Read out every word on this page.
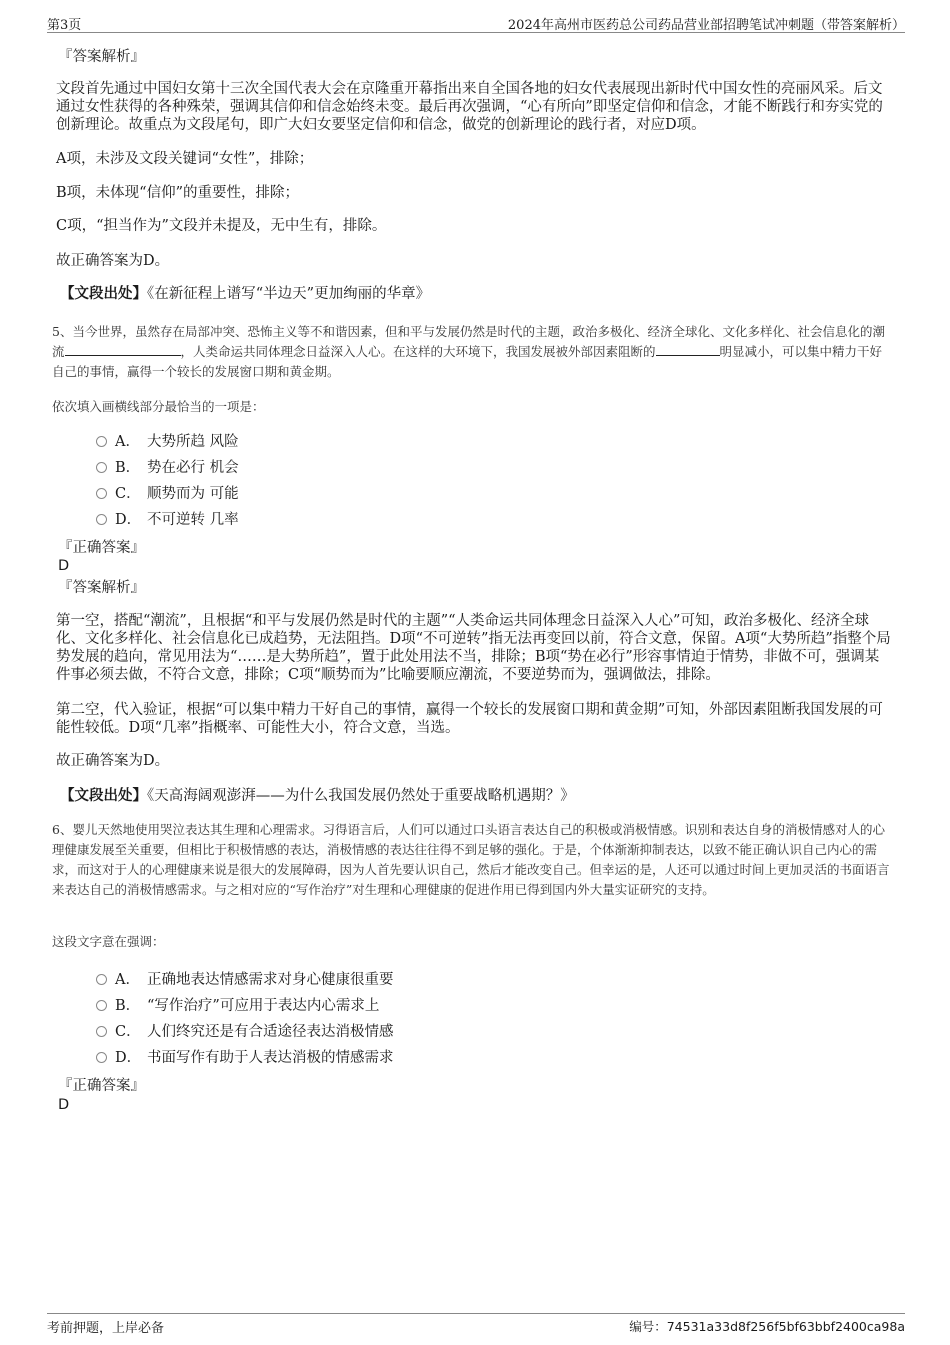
第3页	2024年高州市医药总公司药品营业部招聘笔试冲刺题（带答案解析）
『答案解析』

文段首先通过中国妇女第十三次全国代表大会在京隆重开幕指出来自全国各地的妇女代表展现出新时代中国女性的亮丽风采。后文通过女性获得的各种殊荣，强调其信仰和信念始终未变。最后再次强调，“心有所向”即坚定信仰和信念，才能不断践行和夯实党的创新理论。故重点为文段尾句，即广大妇女要坚定信仰和信念，做党的创新理论的践行者，对应D项。

A项，未涉及文段关键词“女性”，排除；

B项，未体现“信仰”的重要性，排除；

C项，“担当作为”文段并未提及，无中生有，排除。

故正确答案为D。

【文段出处】《在新征程上谱写“半边天”更加绚丽的华章》

5、当今世界，虽然存在局部冲突、恐怖主义等不和谐因素，但和平与发展仍然是时代的主题，政治多极化、经济全球化、文化多样化、社会信息化的潮流	，人类命运共同体理念日益深入人心。在这样的大环境下，我国发展被外部因素阻断的	明显减小，可以集中精力干好自己的事情，赢得一个较长的发展窗口期和黄金期。

依次填入画横线部分最恰当的一项是：

A． 大势所趋 风险
B． 势在必行 机会
C． 顺势而为 可能
D． 不可逆转 几率
『正确答案』
D
『答案解析』

第一空，搭配“潮流”，且根据“和平与发展仍然是时代的主题”“人类命运共同体理念日益深入人心”可知，政治多极化、经济全球化、文化多样化、社会信息化已成趋势，无法阻挡。D项“不可逆转”指无法再变回以前，符合文意，保留。A项“大势所趋”指整个局势发展的趋向，常见用法为“……是大势所趋”，置于此处用法不当，排除；B项“势在必行”形容事情迫于情势，非做不可，强调某件事必须去做，不符合文意，排除；C项“顺势而为”比喻要顺应潮流，不要逆势而为，强调做法，排除。

第二空，代入验证，根据“可以集中精力干好自己的事情，赢得一个较长的发展窗口期和黄金期”可知，外部因素阻断我国发展的可能性较低。D项“几率”指概率、可能性大小，符合文意，当选。

故正确答案为D。

【文段出处】《天高海阔观澎湃——为什么我国发展仍然处于重要战略机遇期？》

6、婴儿天然地使用哭泣表达其生理和心理需求。习得语言后，人们可以通过口头语言表达自己的积极或消极情感。识别和表达自身的消极情感对人的心理健康发展至关重要，但相比于积极情感的表达，消极情感的表达往往得不到足够的强化。于是，个体渐渐抑制表达，以致不能正确认识自己内心的需求，而这对于人的心理健康来说是很大的发展障碍，因为人首先要认识自己，然后才能改变自己。但幸运的是，人还可以通过时间上更加灵活的书面语言来表达自己的消极情感需求。与之相对应的“写作治疗”对生理和心理健康的促进作用已得到国内外大量实证研究的支持。

这段文字意在强调：

A． 正确地表达情感需求对身心健康很重要
B． “写作治疗”可应用于表达内心需求上
C． 人们终究还是有合适途径表达消极情感
D． 书面写作有助于人表达消极的情感需求
『正确答案』
D
考前押题，上岸必备	编号：74531a33d8f256f5bf63bbf2400ca98a
